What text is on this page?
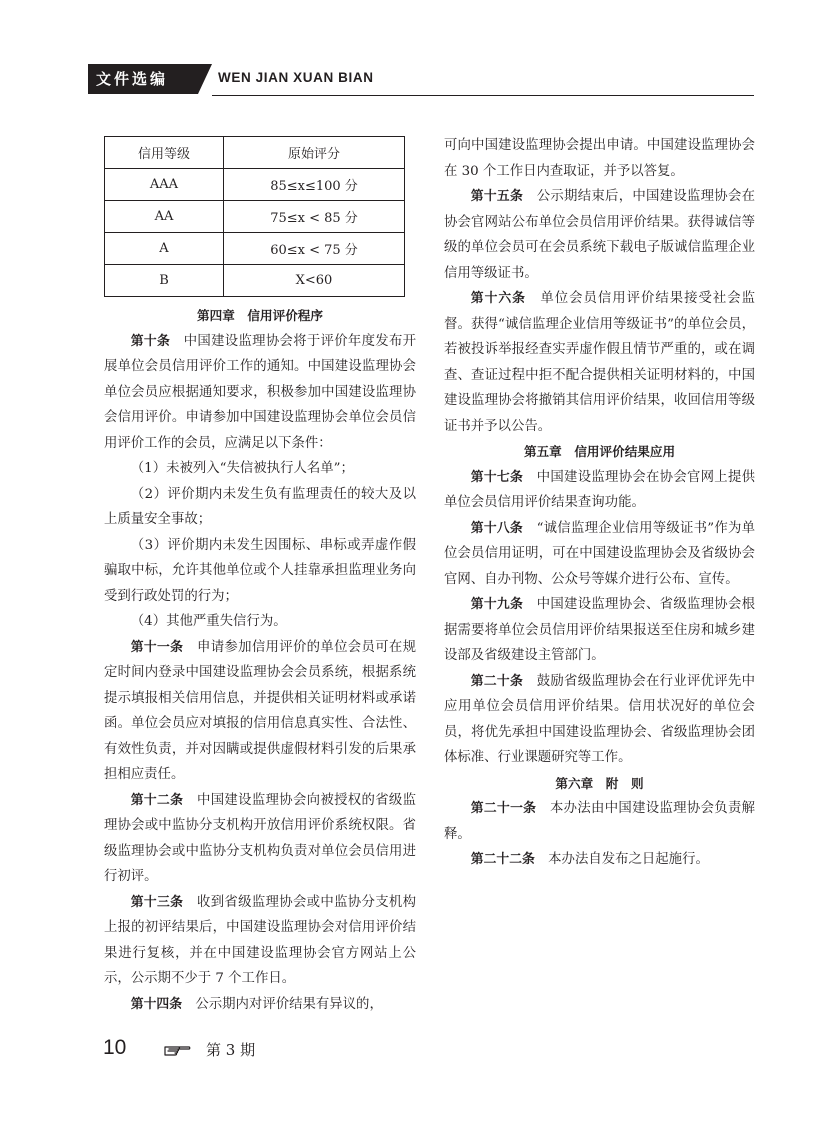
文件选编	WEN JIAN XUAN BIAN
信用等级	原始评分
AAA	85≤x≤100 分
AA	75≤x < 85 分
A	60≤x < 75 分
B	X<60
第四章　信用评价程序

第十条　 中国建设监理协会将于评价年度发布开展单位会员信用评价工作的通知。中国建设监理协会单位会员应根据通知要求，积极参加中国建设监理协会信用评价。申请参加中国建设监理协会单位会员信用评价工作的会员，应满足以下条件：

（1）未被列入“失信被执行人名单”；

（2）评价期内未发生负有监理责任的较大及以上质量安全事故；

（3）评价期内未发生因围标、串标或弄虚作假骗取中标，允许其他单位或个人挂靠承担监理业务向受到行政处罚的行为；

（4）其他严重失信行为。

第十一条　 申请参加信用评价的单位会员可在规定时间内登录中国建设监理协会会员系统，根据系统提示填报相关信用信息，并提供相关证明材料或承诺函。单位会员应对填报的信用信息真实性、合法性、有效性负责，并对因瞒或提供虚假材料引发的后果承担相应责任。

第十二条　 中国建设监理协会向被授权的省级监理协会或中监协分支机构开放信用评价系统权限。省级监理协会或中监协分支机构负责对单位会员信用进行初评。

第十三条　 收到省级监理协会或中监协分支机构上报的初评结果后，中国建设监理协会对信用评价结果进行复核，并在中国建设监理协会官方网站上公示，公示期不少于 7 个工作日。

第十四条　 公示期内对评价结果有异议的，

可向中国建设监理协会提出申请。中国建设监理协会在 30 个工作日内查取证，并予以答复。

第十五条　 公示期结束后，中国建设监理协会在协会官网站公布单位会员信用评价结果。获得诚信等级的单位会员可在会员系统下载电子版诚信监理企业信用等级证书。

第十六条　 单位会员信用评价结果接受社会监督。获得“诚信监理企业信用等级证书”的单位会员，若被投诉举报经查实弄虚作假且情节严重的，或在调查、查证过程中拒不配合提供相关证明材料的，中国建设监理协会将撤销其信用评价结果，收回信用等级证书并予以公告。

第五章　信用评价结果应用

第十七条　 中国建设监理协会在协会官网上提供单位会员信用评价结果查询功能。

第十八条　 “诚信监理企业信用等级证书”作为单位会员信用证明，可在中国建设监理协会及省级协会官网、自办刊物、公众号等媒介进行公布、宣传。

第十九条　 中国建设监理协会、省级监理协会根据需要将单位会员信用评价结果报送至住房和城乡建设部及省级建设主管部门。

第二十条　 鼓励省级监理协会在行业评优评先中应用单位会员信用评价结果。信用状况好的单位会员，将优先承担中国建设监理协会、省级监理协会团体标准、行业课题研究等工作。

第六章　附　则

第二十一条　 本办法由中国建设监理协会负责解释。

第二十二条　 本办法自发布之日起施行。

10	第 3 期
